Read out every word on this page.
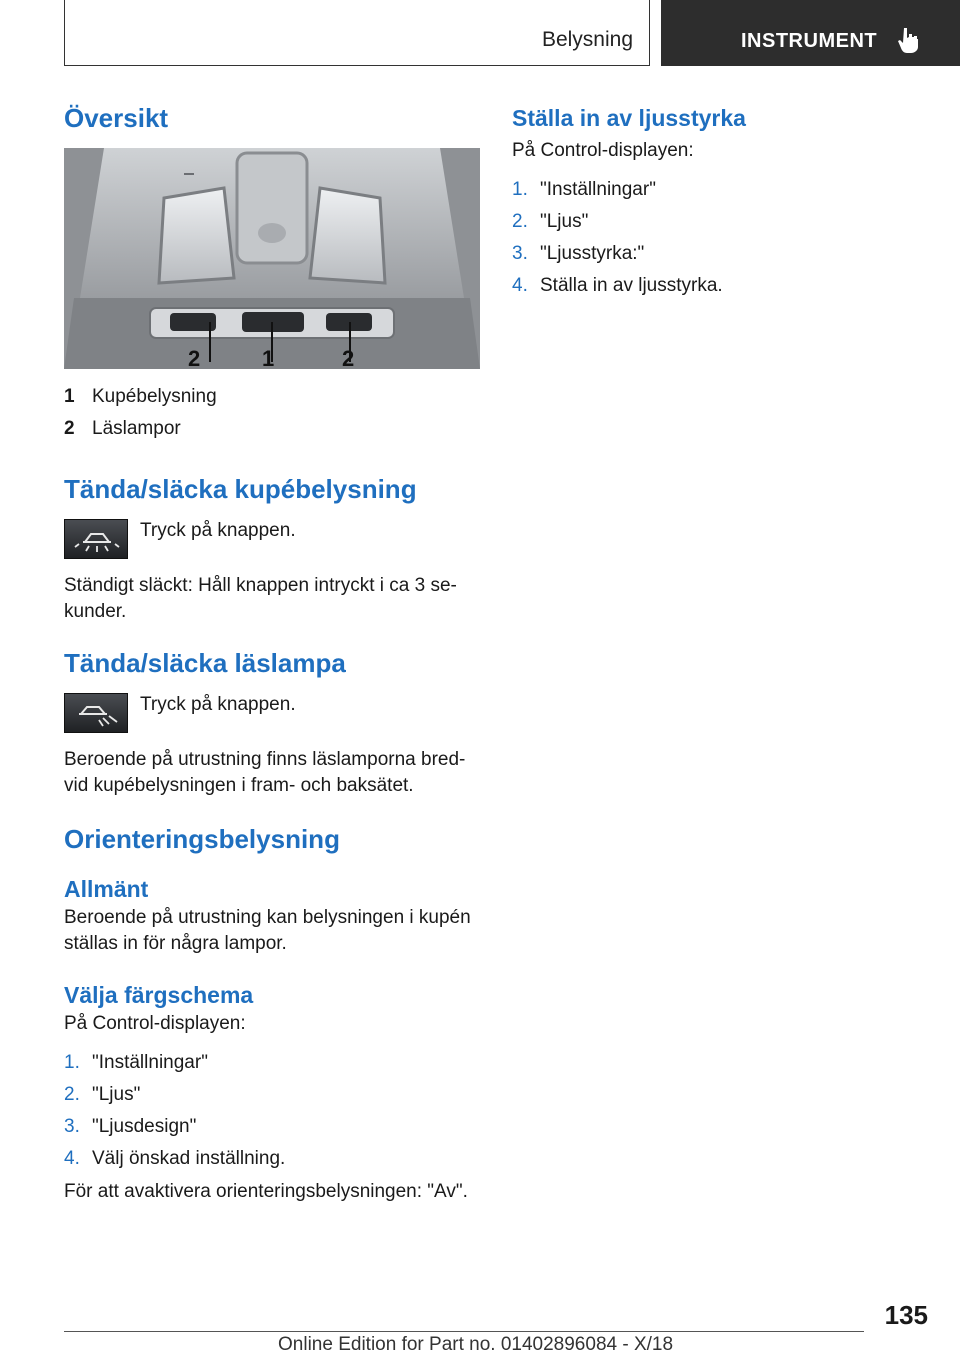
Belysning	INSTRUMENT
Översikt
2	1	2
1 Kupébelysning
2 Läslampor
Tända/släcka kupébelysning
Tryck på knappen.

Ständigt släckt: Håll knappen intryckt i ca 3 sekunder.

Tända/släcka läslampa
Tryck på knappen.

Beroende på utrustning finns läslamporna bredvid kupébelysningen i fram- och baksätet.

Orienteringsbelysning
Allmänt

Beroende på utrustning kan belysningen i kupén ställas in för några lampor.

Välja färgschema

På Control-displayen:

1. "Inställningar"
2. "Ljus"
3. "Ljusdesign"
4. Välj önskad inställning.

För att avaktivera orienteringsbelysningen: "Av".

Ställa in av ljusstyrka

På Control-displayen:

1. "Inställningar"
2. "Ljus"
3. "Ljusstyrka:"
4. Ställa in av ljusstyrka.
135
Online Edition for Part no. 01402896084 - X/18
